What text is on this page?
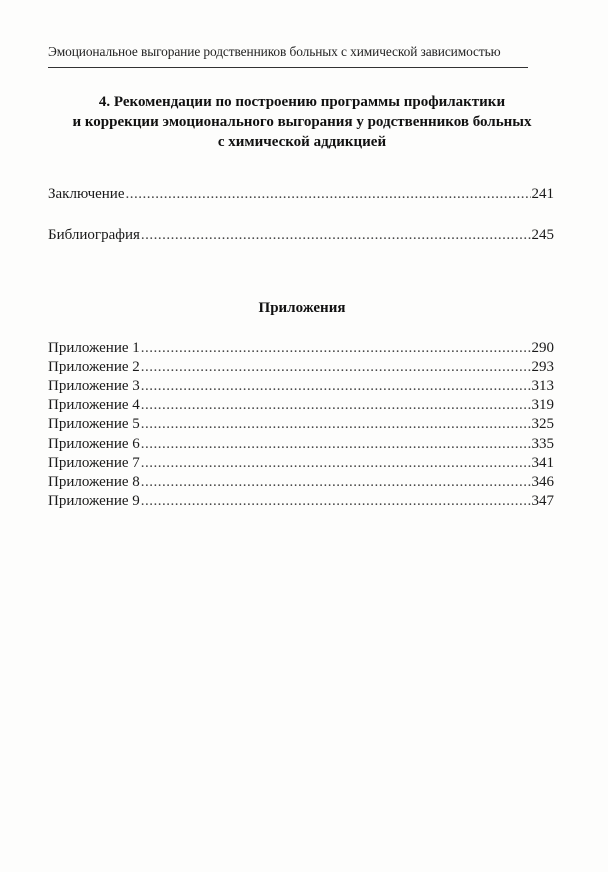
Эмоциональное выгорание родственников больных с химической зависимостью
4. Рекомендации по построению программы профилактики
и коррекции эмоционального выгорания у родственников больных
с химической аддикцией
Заключение .....	241
Библиография .....	245
Приложения
Приложение 1 .....	290
Приложение 2 .....	293
Приложение 3 .....	313
Приложение 4 .....	319
Приложение 5 .....	325
Приложение 6 .....	335
Приложение 7 .....	341
Приложение 8 .....	346
Приложение 9 .....	347
